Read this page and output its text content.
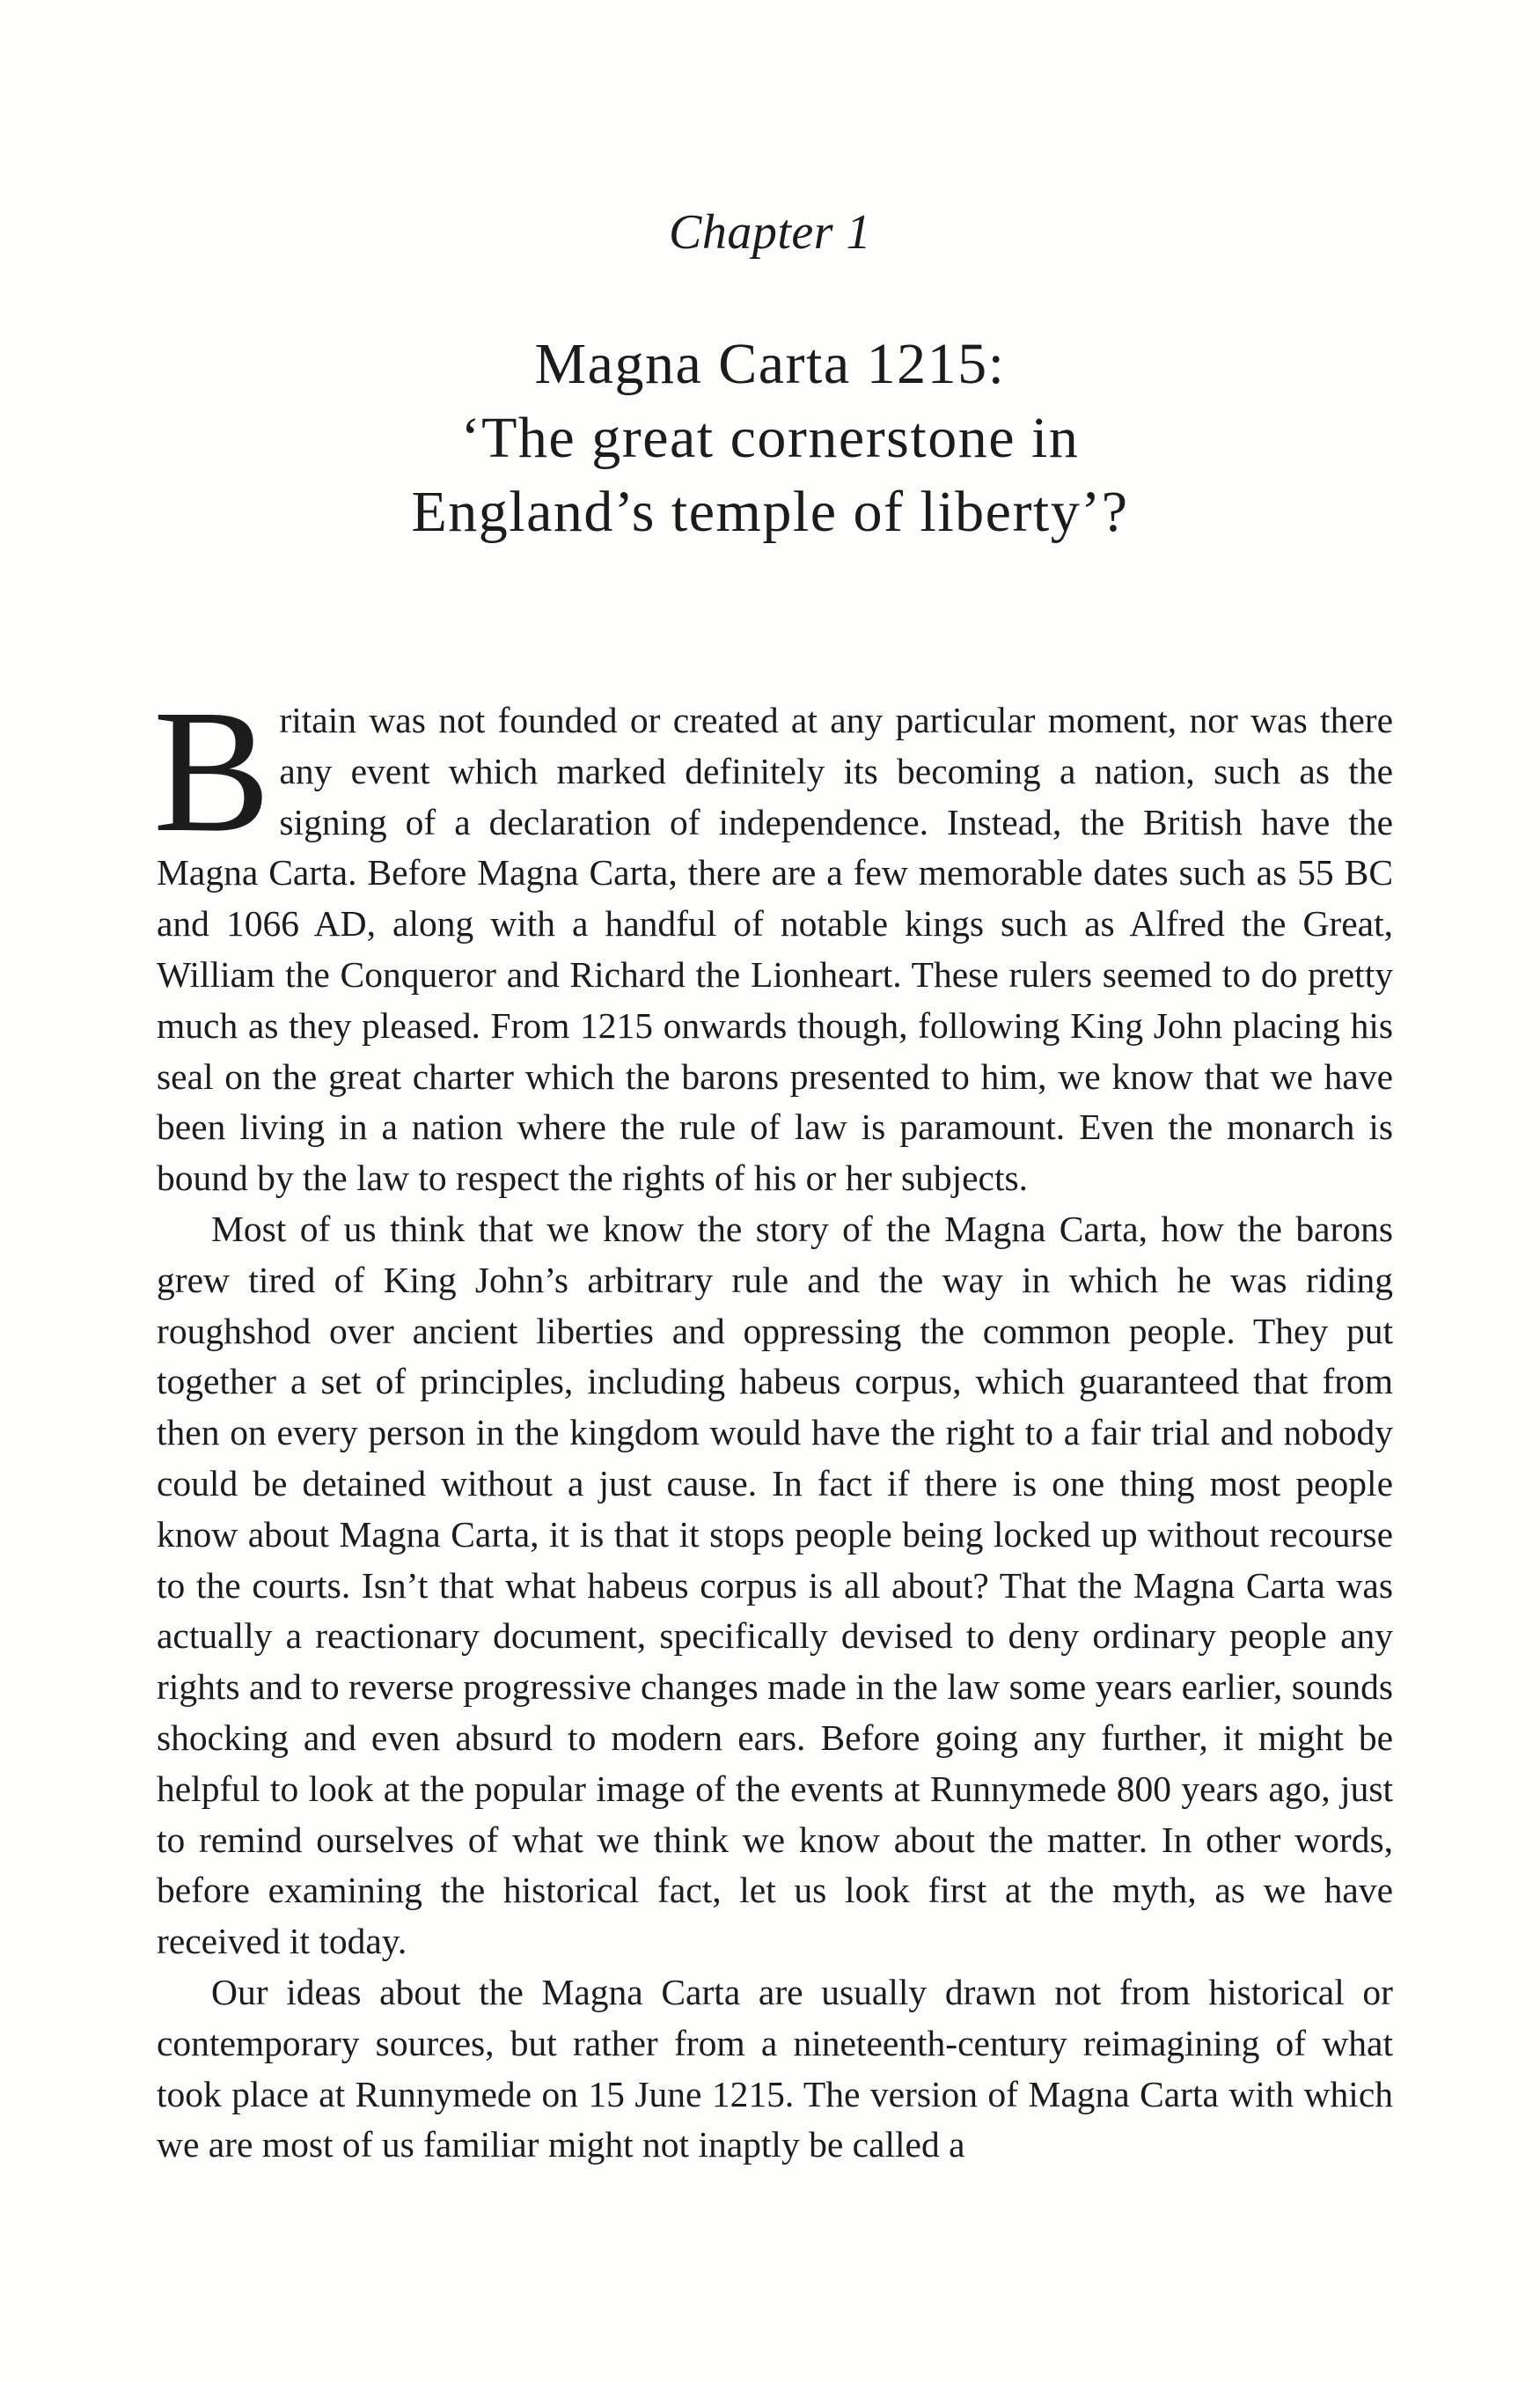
Chapter 1
Magna Carta 1215:
‘The great cornerstone in
England’s temple of liberty’?

Britain was not founded or created at any particular moment, nor was there any event which marked definitely its becoming a nation, such as the signing of a declaration of independence. Instead, the British have the Magna Carta. Before Magna Carta, there are a few memorable dates such as 55 BC and 1066 AD, along with a handful of notable kings such as Alfred the Great, William the Conqueror and Richard the Lionheart. These rulers seemed to do pretty much as they pleased. From 1215 onwards though, following King John placing his seal on the great charter which the barons presented to him, we know that we have been living in a nation where the rule of law is paramount. Even the monarch is bound by the law to respect the rights of his or her subjects.

Most of us think that we know the story of the Magna Carta, how the barons grew tired of King John’s arbitrary rule and the way in which he was riding roughshod over ancient liberties and oppressing the common people. They put together a set of principles, including habeus corpus, which guaranteed that from then on every person in the kingdom would have the right to a fair trial and nobody could be detained without a just cause. In fact if there is one thing most people know about Magna Carta, it is that it stops people being locked up without recourse to the courts. Isn’t that what habeus corpus is all about? That the Magna Carta was actually a reactionary document, specifically devised to deny ordinary people any rights and to reverse progressive changes made in the law some years earlier, sounds shocking and even absurd to modern ears. Before going any further, it might be helpful to look at the popular image of the events at Runnymede 800 years ago, just to remind ourselves of what we think we know about the matter. In other words, before examining the historical fact, let us look first at the myth, as we have received it today.

Our ideas about the Magna Carta are usually drawn not from historical or contemporary sources, but rather from a nineteenth-century reimagining of what took place at Runnymede on 15 June 1215. The version of Magna Carta with which we are most of us familiar might not inaptly be called a
